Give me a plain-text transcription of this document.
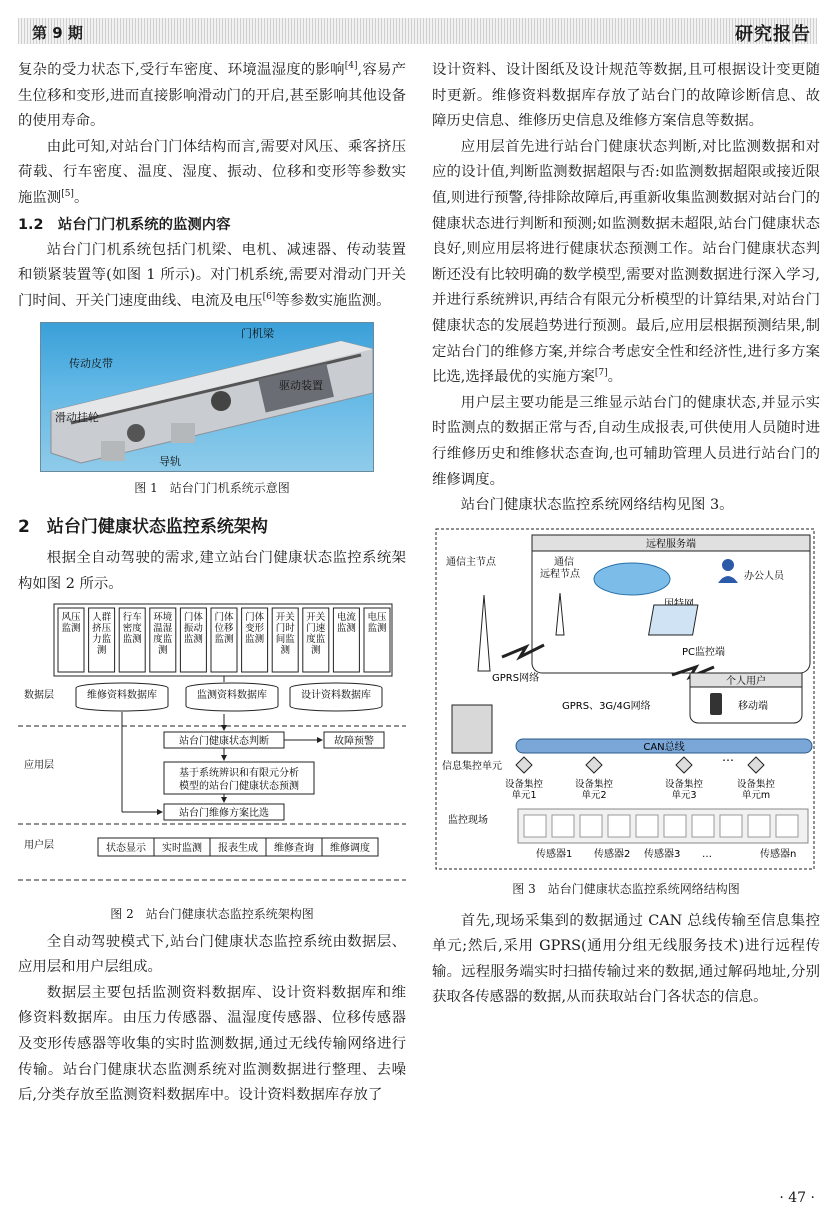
第 9 期	研究报告

复杂的受力状态下,受行车密度、环境温湿度的影响[4],容易产生位移和变形,进而直接影响滑动门的开启,甚至影响其他设备的使用寿命。

由此可知,对站台门门体结构而言,需要对风压、乘客挤压荷载、行车密度、温度、湿度、振动、位移和变形等参数实施监测[5]。

1.2　站台门门机系统的监测内容

站台门门机系统包括门机梁、电机、减速器、传动装置和锁紧装置等(如图 1 所示)。对门机系统,需要对滑动门开关门时间、开关门速度曲线、电流及电压[6]等参数实施监测。

门机梁
传动皮带
驱动装置
滑动挂轮
导轨
图 1　站台门门机系统示意图
2　站台门健康状态监控系统架构

根据全自动驾驶的需求,建立站台门健康状态监控系统架构如图 2 所示。

风压监测
人群挤压力监测
行车密度监测
环境温湿度监测
门体振动监测
门体位移监测
门体变形监测
开关门时间监测
开关门速度监测
电流监测
电压监测
数据层
应用层
用户层
维修资料数据库	监测资料数据库	设计资料数据库
站台门健康状态判断	故障预警
基于系统辨识和有限元分析
模型的站台门健康状态预测
站台门维修方案比选
状态显示 实时监测 报表生成 维修查询 维修调度
图 2　站台门健康状态监控系统架构图

全自动驾驶模式下,站台门健康状态监控系统由数据层、应用层和用户层组成。

数据层主要包括监测资料数据库、设计资料数据库和维修资料数据库。由压力传感器、温湿度传感器、位移传感器及变形传感器等收集的实时监测数据,通过无线传输网络进行传输。站台门健康状态监测系统对监测数据进行整理、去噪后,分类存放至监测资料数据库中。设计资料数据库存放了

设计资料、设计图纸及设计规范等数据,且可根据设计变更随时更新。维修资料数据库存放了站台门的故障诊断信息、故障历史信息、维修历史信息及维修方案信息等数据。

应用层首先进行站台门健康状态判断,对比监测数据和对应的设计值,判断监测数据超限与否:如监测数据超限或接近限值,则进行预警,待排除故障后,再重新收集监测数据对站台门的健康状态进行判断和预测;如监测数据未超限,站台门健康状态良好,则应用层将进行健康状态预测工作。站台门健康状态判断还没有比较明确的数学模型,需要对监测数据进行深入学习,并进行系统辨识,再结合有限元分析模型的计算结果,对站台门健康状态的发展趋势进行预测。最后,应用层根据预测结果,制定站台门的维修方案,并综合考虑安全性和经济性,进行多方案比选,选择最优的实施方案[7]。

用户层主要功能是三维显示站台门的健康状态,并显示实时监测点的数据正常与否,自动生成报表,可供使用人员随时进行维修历史和维修状态查询,也可辅助管理人员进行站台门的维修调度。

站台门健康状态监控系统网络结构见图 3。

远程服务端
通信主节点	通信
远程节点	办公人员
PC监控端
GPRS网络	个人用户
移动端
GPRS、3G/4G网络
CAN总线
信息集控单元
设备集控单元1
设备集控单元2
设备集控单元3
设备集控单元m
…
监控现场
传感器1 传感器2 传感器3 …	传感器n
图 3　站台门健康状态监控系统网络结构图

首先,现场采集到的数据通过 CAN 总线传输至信息集控单元;然后,采用 GPRS(通用分组无线服务技术)进行远程传输。远程服务端实时扫描传输过来的数据,通过解码地址,分别获取各传感器的数据,从而获取站台门各状态的信息。

· 47 ·
